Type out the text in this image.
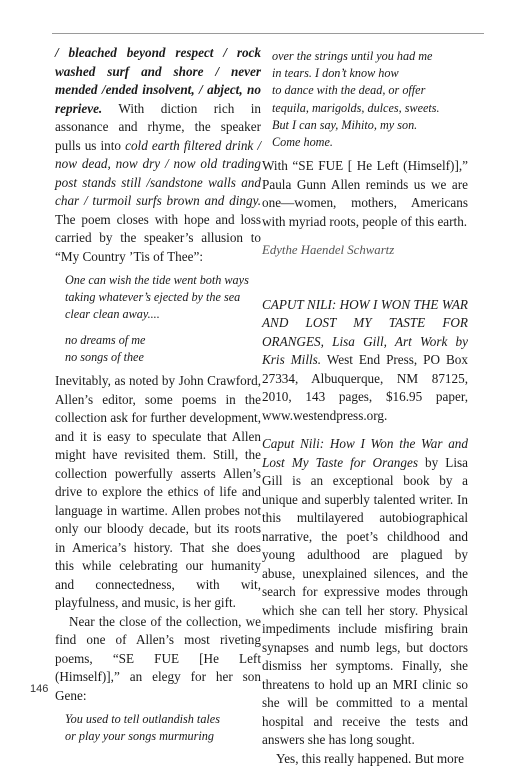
/ bleached beyond respect / rock washed surf and shore / never mended /ended insolvent, / abject, no reprieve. With diction rich in assonance and rhyme, the speaker pulls us into cold earth filtered drink / now dead, now dry / now old trading post stands still /sandstone walls and char / turmoil surfs brown and dingy. The poem closes with hope and loss carried by the speaker’s allusion to “My Country ’Tis of Thee”:

One can wish the tide went both ways
taking whatever’s ejected by the sea
clear clean away....
no dreams of me
no songs of thee

Inevitably, as noted by John Crawford, Allen’s editor, some poems in the collection ask for further development, and it is easy to speculate that Allen might have revisited them. Still, the collection powerfully asserts Allen’s drive to explore the ethics of life and language in wartime. Allen probes not only our bloody decade, but its roots in America’s history. That she does this while celebrating our humanity and connectedness, with wit, playfulness, and music, is her gift.

Near the close of the collection, we find one of Allen’s most riveting poems, “SE FUE [He Left (Himself)],” an elegy for her son Gene:

You used to tell outlandish tales
or play your songs murmuring
over the strings until you had me
in tears. I don’t know how
to dance with the dead, or offer
tequila, marigolds, dulces, sweets.
But I can say, Mihito, my son.
Come home.

With “SE FUE [ He Left (Himself)],” Paula Gunn Allen reminds us we are one—women, mothers, Americans with myriad roots, people of this earth.

Edythe Haendel Schwartz

CAPUT NILI: HOW I WON THE WAR AND LOST MY TASTE FOR ORANGES, Lisa Gill, Art Work by Kris Mills. West End Press, PO Box 27334, Albuquerque, NM 87125, 2010, 143 pages, $16.95 paper, www.westendpress.org.

Caput Nili: How I Won the War and Lost My Taste for Oranges by Lisa Gill is an exceptional book by a unique and superbly talented writer. In this multilayered autobiographical narrative, the poet’s childhood and young adulthood are plagued by abuse, unexplained silences, and the search for expressive modes through which she can tell her story. Physical impediments include misfiring brain synapses and numb legs, but doctors dismiss her symptoms. Finally, she threatens to hold up an MRI clinic so she will be committed to a mental hospital and receive the tests and answers she has long sought.

Yes, this really happened. But more

146
